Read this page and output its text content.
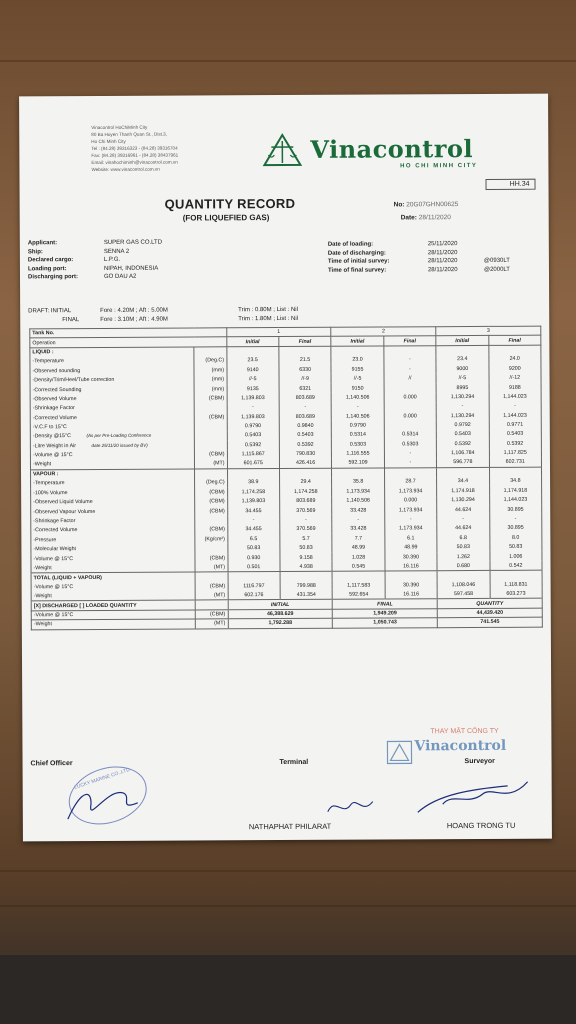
Vinacontrol HoChiMinh City
80 Ba Huyen Thanh Quan St., Dist.3,
Ho Chi Minh City
Tel : (84.28) 39316323 - (84.28) 39316704
Fax: (84.28) 39316961 - (84.28) 38437961
Email: vinahochiminh@vinacontrol.com.vn
Website: www.vinacontrol.com.vn
Vinacontrol
HO CHI MINH CITY
HH.34
QUANTITY RECORD
(FOR LIQUEFIED GAS)
No: 20G07GHN00625
Date: 28/11/2020
Applicant:	SUPER GAS CO.LTD
Ship:	SENNA 2
Declared cargo:	L.P.G.
Loading port:	NIPAH, INDONESIA
Discharging port:	GO DAU A2
Date of loading:	25/11/2020
Date of discharging:	28/11/2020
Time of initial survey:	28/11/2020	@0930LT
Time of final survey:	28/11/2020	@2000LT
DRAFT: INITIAL	Fore : 4.20M ; Aft : 5.00M	Trim : 0.80M ; List : Nil
FINAL	Fore : 3.10M ; Aft : 4.90M	Trim : 1.80M ; List : Nil
Tank No.		1		2		3	
Operation		Initial	Final	Initial	Final	Initial	Final
LIQUID :							
-Temperature	(Deg.C)	23.5	21.5	23.0	-	23.4	24.0
-Observed sounding	(mm)	9140	6330	9155	-	9000	9200
-Density/Trim/Heel/Tube correction	(mm)	//-5	//-9	//-5	//	//-5	//-12
-Corrected Sounding	(mm)	9135	6321	9150		8995	9188
-Observed Volume	(CBM)	1,139.803	803.689	1,140.506	0.000	1,130.294	1,144.023
-Shrinkage Factor		-	-	-		-	-
-Corrected Volume	(CBM)	1,139.803	803.689	1,140.506	0.000	1,130.294	1,144.023
-V.C.F to 15°C		0.9790	0.9840	0.9790		0.9792	0.9771
-Density @15°C (As per Pre-Loading Conference		0.5403	0.5403	0.5314	0.5314	0.5403	0.5403
-Litre Weight in Air date 25/11/20 issued by BV)		0.5392	0.5392	0.5303	0.5303	0.5392	0.5392
-Volume @ 15°C	(CBM)	1,115.867	790.830	1,116.555	-	1,106.784	1,117.825
-Weight	(MT)	601.675	426.416	592.109	-	596.778	602.731
VAPOUR :							
-Temperature	(Deg.C)	38.9	29.4	35.8	28.7	34.4	34.8
-100% Volume	(CBM)	1,174.258	1,174.258	1,173.934	1,173.934	1,174.918	1,174.918
-Observed Liquid Volume	(CBM)	1,139.803	803.689	1,140.506	0.000	1,130.294	1,144.023
-Observed Vapour Volume	(CBM)	34.455	370.569	33.428	1,173.934	44.624	30.895
-Shrinkage Factor		-	-	-	-	-	-
-Corrected Volume	(CBM)	34.455	370.569	33.428	1,173.934	44.624	30.895
-Pressure	(Kg/cm²)	6.5	5.7	7.7	6.1	6.8	8.0
-Molecular Weight		50.83	50.83	48.99	48.99	50.83	50.83
-Volume @ 15°C	(CBM)	0.930	9.158	1.028	30.390	1.262	1.006
-Weight	(MT)	0.501	4.938	0.545	16.116	0.680	0.542
TOTAL (LIQUID + VAPOUR)							
-Volume @ 15°C	(CBM)	1116.797	799.988	1,117.583	30.390	1,108.046	1,118.831
-Weight	(MT)	602.176	431.354	592.654	16.116	597.458	603.273
[X] DISCHARGED [ ] LOADED QUANTITY		INITIAL		FINAL		QUANTITY	
-Volume @ 15°C	(CBM)	46,388.629		1,949.209		44,439.420	
-Weight	(MT)	1,792.288		1,050.743		741.545	
Chief Officer	Terminal	Surveyor
NATHAPHAT PHILARAT	HOANG TRONG TU
LUCKY MARINE CO.,LTD
THAY MẶT CÔNG TY
Vinacontrol
